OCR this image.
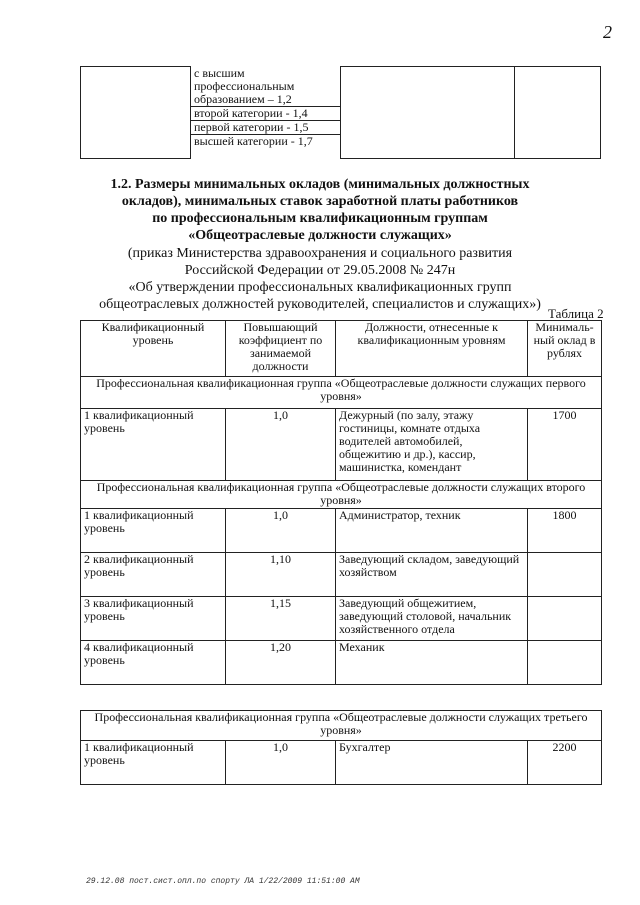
2

с высшим профессиональным образованием – 1,2
второй категории - 1,4
первой категории - 1,5
высшей категории - 1,7

1.2. Размеры минимальных окладов (минимальных должностных
окладов), минимальных ставок заработной платы работников
по профессиональным квалификационным группам
«Общеотраслевые должности служащих»
(приказ Министерства здравоохранения и социального развития
Российской Федерации от 29.05.2008 № 247н
«Об утверждении профессиональных квалификационных групп
общеотраслевых должностей руководителей, специалистов и служащих»)
Таблица 2
Квалификационный уровень	Повышающий коэффициент по занимаемой должности	Должности, отнесенные к квалификационным уровням	Минималь-ный оклад в рублях
Профессиональная квалификационная группа «Общеотраслевые должности служащих первого уровня»			
1 квалификационный уровень	1,0	Дежурный (по залу, этажу гостиницы, комнате отдыха водителей автомобилей, общежитию и др.), кассир, машинистка, комендант	1700
Профессиональная квалификационная группа «Общеотраслевые должности служащих второго уровня»			
1 квалификационный уровень	1,0	Администратор, техник	1800
2 квалификационный уровень	1,10	Заведующий складом, заведующий хозяйством	
3 квалификационный уровень	1,15	Заведующий общежитием, заведующий столовой, начальник хозяйственного отдела	
4 квалификационный уровень	1,20	Механик	
Профессиональная квалификационная группа «Общеотраслевые должности служащих третьего уровня»
1 квалификационный уровень	1,0	Бухгалтер	2200
29.12.08 пост.сист.опл.по спорту ЛА 1/22/2009 11:51:00 AM
